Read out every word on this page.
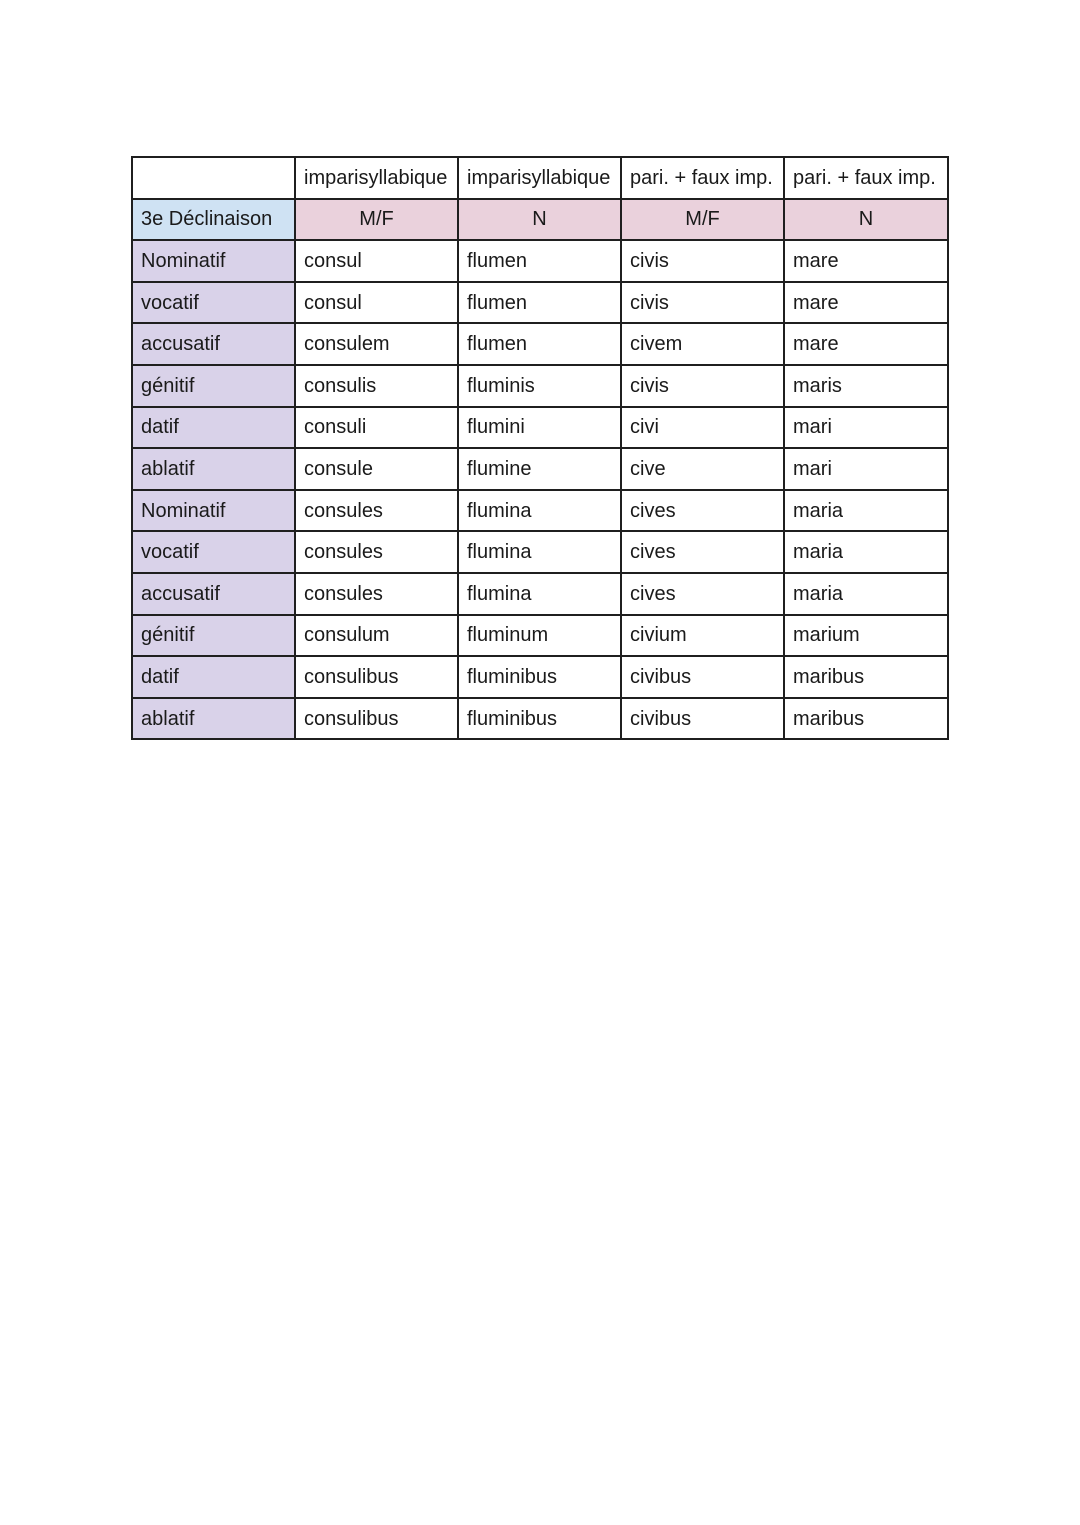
	imparisyllabique	imparisyllabique	pari. + faux imp.	pari. + faux imp.
3e Déclinaison	M/F	N	M/F	N
Nominatif	consul	flumen	civis	mare
vocatif	consul	flumen	civis	mare
accusatif	consulem	flumen	civem	mare
génitif	consulis	fluminis	civis	maris
datif	consuli	flumini	civi	mari
ablatif	consule	flumine	cive	mari
Nominatif	consules	flumina	cives	maria
vocatif	consules	flumina	cives	maria
accusatif	consules	flumina	cives	maria
génitif	consulum	fluminum	civium	marium
datif	consulibus	fluminibus	civibus	maribus
ablatif	consulibus	fluminibus	civibus	maribus
